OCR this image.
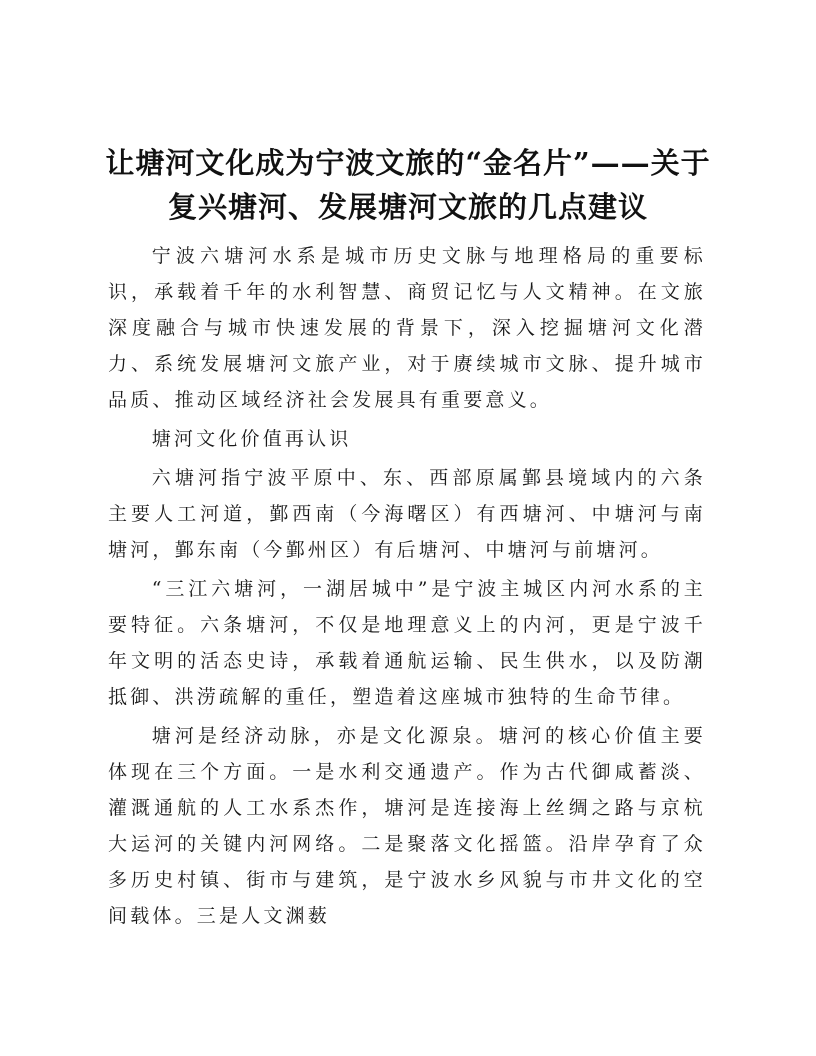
让塘河文化成为宁波文旅的“金名片”——关于复兴塘河、发展塘河文旅的几点建议

宁波六塘河水系是城市历史文脉与地理格局的重要标识，承载着千年的水利智慧、商贸记忆与人文精神。在文旅深度融合与城市快速发展的背景下，深入挖掘塘河文化潜力、系统发展塘河文旅产业，对于赓续城市文脉、提升城市品质、推动区域经济社会发展具有重要意义。

塘河文化价值再认识

六塘河指宁波平原中、东、西部原属鄞县境域内的六条主要人工河道，鄞西南（今海曙区）有西塘河、中塘河与南塘河，鄞东南（今鄞州区）有后塘河、中塘河与前塘河。

“三江六塘河，一湖居城中”是宁波主城区内河水系的主要特征。六条塘河，不仅是地理意义上的内河，更是宁波千年文明的活态史诗，承载着通航运输、民生供水，以及防潮抵御、洪涝疏解的重任，塑造着这座城市独特的生命节律。

塘河是经济动脉，亦是文化源泉。塘河的核心价值主要体现在三个方面。一是水利交通遗产。作为古代御咸蓄淡、灌溉通航的人工水系杰作，塘河是连接海上丝绸之路与京杭大运河的关键内河网络。二是聚落文化摇篮。沿岸孕育了众多历史村镇、街市与建筑，是宁波水乡风貌与市井文化的空间载体。三是人文渊薮
